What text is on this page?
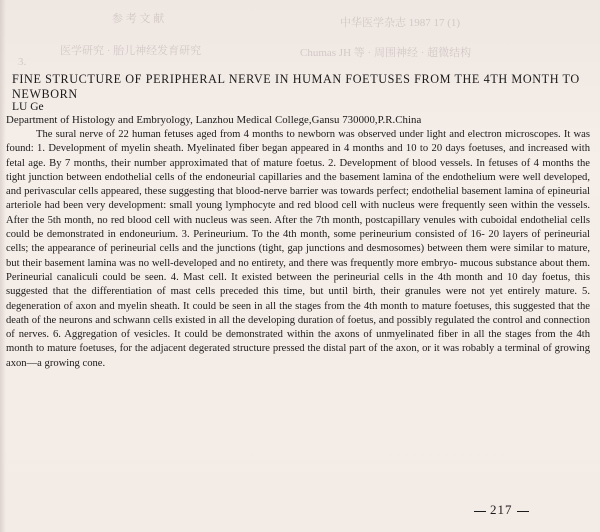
参 考 文 献	中华医学杂志 1987 17 (1)
医学研究 · 胎儿神经发育研究	Chumas JH 等 · 周围神经 · 超微结构
3.
FINE STRUCTURE OF PERIPHERAL NERVE IN HUMAN FOETUSES FROM THE 4TH MONTH TO NEWBORN
LU Ge
Department of Histology and Embryology, Lanzhou Medical College,Gansu 730000,P.R.China

The sural nerve of 22 human fetuses aged from 4 months to newborn was observed under light and electron microscopes. It was found: 1. Development of myelin sheath. Myelinated fiber began appeared in 4 months and 10 to 20 days foetuses, and increased with fetal age. By 7 months, their number approximated that of mature foetus. 2. Development of blood vessels. In fetuses of 4 months the tight junction between endothelial cells of the endoneurial capillaries and the basement lamina of the endothelium were well developed, and perivascular cells appeared, these suggesting that blood-nerve barrier was towards perfect; endothelial basement lamina of epineurial arteriole had been very development: small young lymphocyte and red blood cell with nucleus were frequently seen within the vessels. After the 5th month, no red blood cell with nucleus was seen. After the 7th month, postcapillary venules with cuboidal endothelial cells could be demonstrated in endoneurium. 3. Perineurium. To the 4th month, some perineurium consisted of 16- 20 layers of perineurial cells; the appearance of perineurial cells and the junctions (tight, gap junctions and desmosomes) between them were similar to mature, but their basement lamina was no well-developed and no entirety, and there was frequently more embryo- mucous substance about them. Perineurial canaliculi could be seen. 4. Mast cell. It existed between the perineurial cells in the 4th month and 10 day foetus, this suggested that the differentiation of mast cells preceded this time, but until birth, their granules were not yet entirely mature. 5. degeneration of axon and myelin sheath. It could be seen in all the stages from the 4th month to mature foetuses, this suggested that the death of the neurons and schwann cells existed in all the developing duration of foetus, and possibly regulated the control and connection of nerves. 6. Aggregation of vesicles. It could be demonstrated within the axons of unmyelinated fiber in all the stages from the 4th month to mature foetuses, for the adjacent degerated structure pressed the distal part of the axon, or it was robably a terminal of growing axon—a growing cone.

217
